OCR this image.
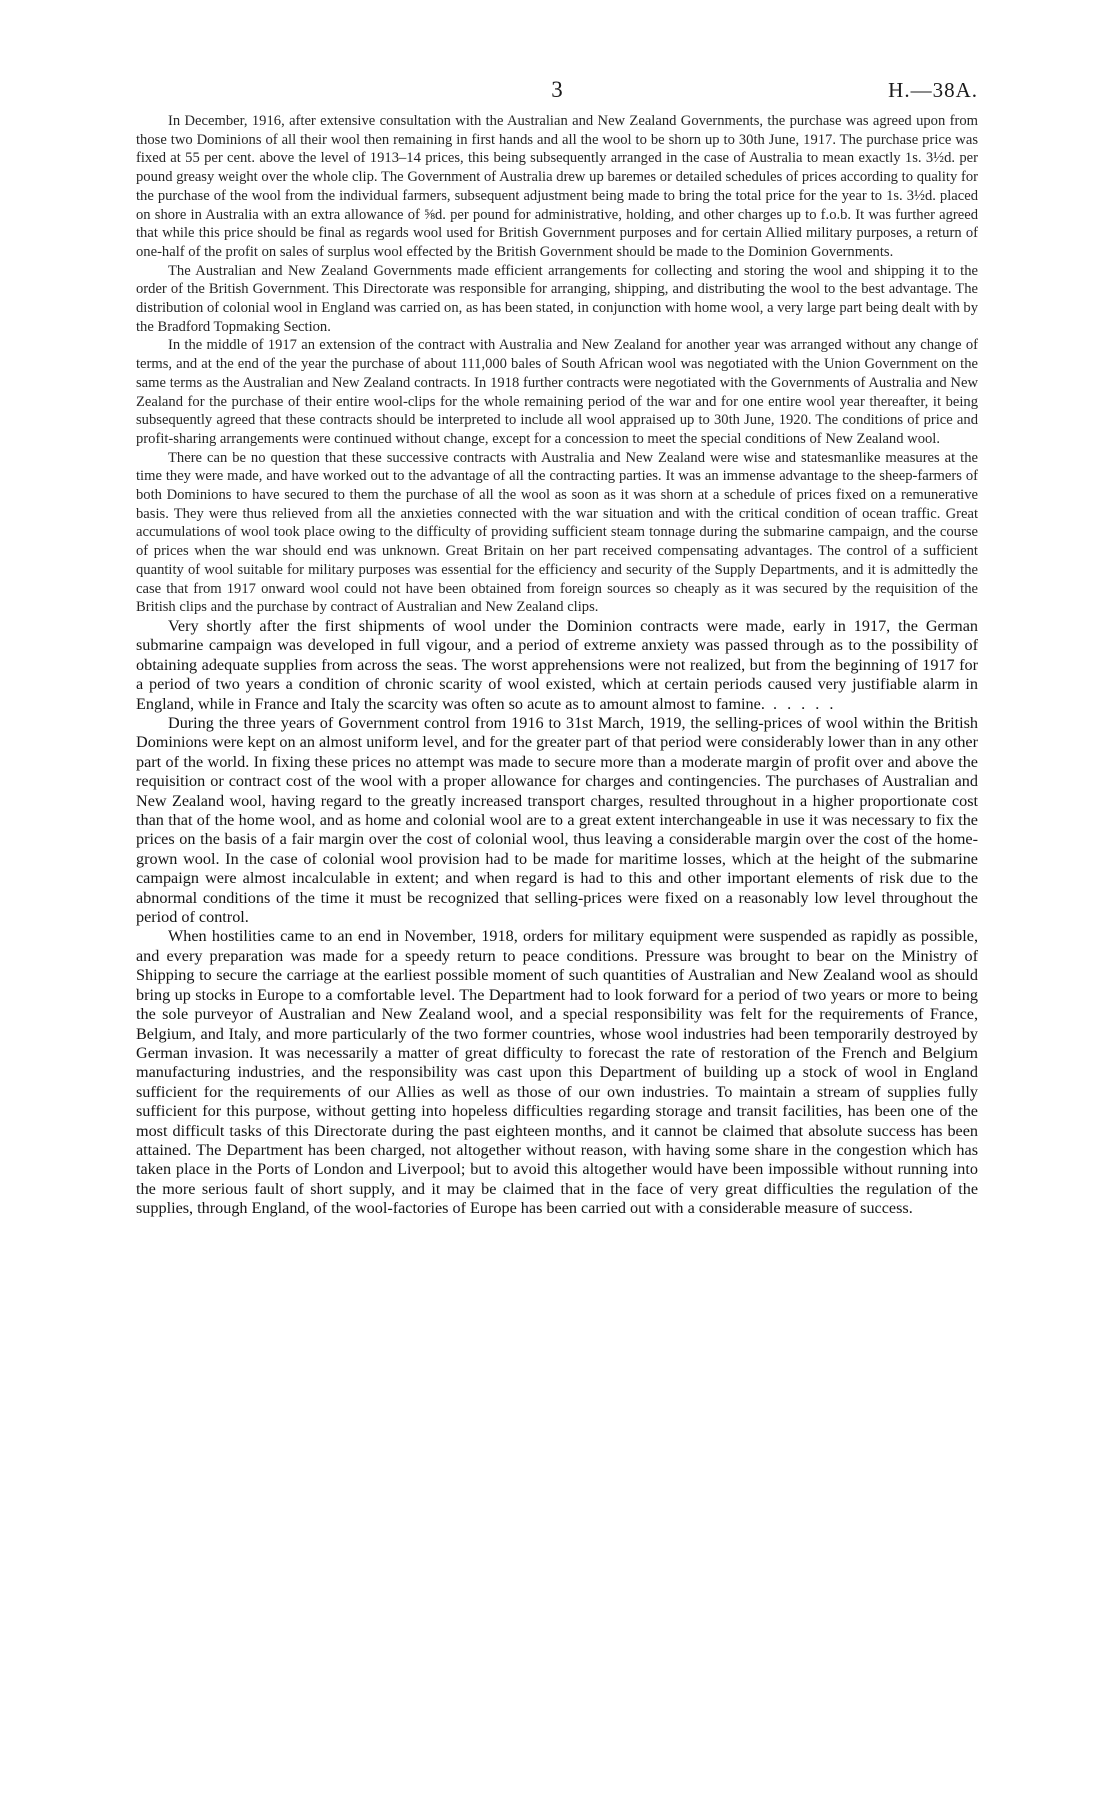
3	H.—38A.

In December, 1916, after extensive consultation with the Australian and New Zealand Governments, the purchase was agreed upon from those two Dominions of all their wool then remaining in first hands and all the wool to be shorn up to 30th June, 1917. The purchase price was fixed at 55 per cent. above the level of 1913–14 prices, this being subsequently arranged in the case of Australia to mean exactly 1s. 3½d. per pound greasy weight over the whole clip. The Government of Australia drew up baremes or detailed schedules of prices according to quality for the purchase of the wool from the individual farmers, subsequent adjustment being made to bring the total price for the year to 1s. 3½d. placed on shore in Australia with an extra allowance of ⅝d. per pound for administrative, holding, and other charges up to f.o.b. It was further agreed that while this price should be final as regards wool used for British Government purposes and for certain Allied military purposes, a return of one-half of the profit on sales of surplus wool effected by the British Government should be made to the Dominion Governments.

The Australian and New Zealand Governments made efficient arrangements for collecting and storing the wool and shipping it to the order of the British Government. This Directorate was responsible for arranging, shipping, and distributing the wool to the best advantage. The distribution of colonial wool in England was carried on, as has been stated, in conjunction with home wool, a very large part being dealt with by the Bradford Topmaking Section.

In the middle of 1917 an extension of the contract with Australia and New Zealand for another year was arranged without any change of terms, and at the end of the year the purchase of about 111,000 bales of South African wool was negotiated with the Union Government on the same terms as the Australian and New Zealand contracts. In 1918 further contracts were negotiated with the Governments of Australia and New Zealand for the purchase of their entire wool-clips for the whole remaining period of the war and for one entire wool year thereafter, it being subsequently agreed that these contracts should be interpreted to include all wool appraised up to 30th June, 1920. The conditions of price and profit-sharing arrangements were continued without change, except for a concession to meet the special conditions of New Zealand wool.

There can be no question that these successive contracts with Australia and New Zealand were wise and statesmanlike measures at the time they were made, and have worked out to the advantage of all the contracting parties. It was an immense advantage to the sheep-farmers of both Dominions to have secured to them the purchase of all the wool as soon as it was shorn at a schedule of prices fixed on a remunerative basis. They were thus relieved from all the anxieties connected with the war situation and with the critical condition of ocean traffic. Great accumulations of wool took place owing to the difficulty of providing sufficient steam tonnage during the submarine campaign, and the course of prices when the war should end was unknown. Great Britain on her part received compensating advantages. The control of a sufficient quantity of wool suitable for military purposes was essential for the efficiency and security of the Supply Departments, and it is admittedly the case that from 1917 onward wool could not have been obtained from foreign sources so cheaply as it was secured by the requisition of the British clips and the purchase by contract of Australian and New Zealand clips.

Very shortly after the first shipments of wool under the Dominion contracts were made, early in 1917, the German submarine campaign was developed in full vigour, and a period of extreme anxiety was passed through as to the possibility of obtaining adequate supplies from across the seas. The worst apprehensions were not realized, but from the beginning of 1917 for a period of two years a condition of chronic scarity of wool existed, which at certain periods caused very justifiable alarm in England, while in France and Italy the scarcity was often so acute as to amount almost to famine. . . . . .

During the three years of Government control from 1916 to 31st March, 1919, the selling-prices of wool within the British Dominions were kept on an almost uniform level, and for the greater part of that period were considerably lower than in any other part of the world. In fixing these prices no attempt was made to secure more than a moderate margin of profit over and above the requisition or contract cost of the wool with a proper allowance for charges and contingencies. The purchases of Australian and New Zealand wool, having regard to the greatly increased transport charges, resulted throughout in a higher proportionate cost than that of the home wool, and as home and colonial wool are to a great extent interchangeable in use it was necessary to fix the prices on the basis of a fair margin over the cost of colonial wool, thus leaving a considerable margin over the cost of the home-grown wool. In the case of colonial wool provision had to be made for maritime losses, which at the height of the submarine campaign were almost incalculable in extent; and when regard is had to this and other important elements of risk due to the abnormal conditions of the time it must be recognized that selling-prices were fixed on a reasonably low level throughout the period of control.

When hostilities came to an end in November, 1918, orders for military equipment were suspended as rapidly as possible, and every preparation was made for a speedy return to peace conditions. Pressure was brought to bear on the Ministry of Shipping to secure the carriage at the earliest possible moment of such quantities of Australian and New Zealand wool as should bring up stocks in Europe to a comfortable level. The Department had to look forward for a period of two years or more to being the sole purveyor of Australian and New Zealand wool, and a special responsibility was felt for the requirements of France, Belgium, and Italy, and more particularly of the two former countries, whose wool industries had been temporarily destroyed by German invasion. It was necessarily a matter of great difficulty to forecast the rate of restoration of the French and Belgium manufacturing industries, and the responsibility was cast upon this Department of building up a stock of wool in England sufficient for the requirements of our Allies as well as those of our own industries. To maintain a stream of supplies fully sufficient for this purpose, without getting into hopeless difficulties regarding storage and transit facilities, has been one of the most difficult tasks of this Directorate during the past eighteen months, and it cannot be claimed that absolute success has been attained. The Department has been charged, not altogether without reason, with having some share in the congestion which has taken place in the Ports of London and Liverpool; but to avoid this altogether would have been impossible without running into the more serious fault of short supply, and it may be claimed that in the face of very great difficulties the regulation of the supplies, through England, of the wool-factories of Europe has been carried out with a considerable measure of success.
